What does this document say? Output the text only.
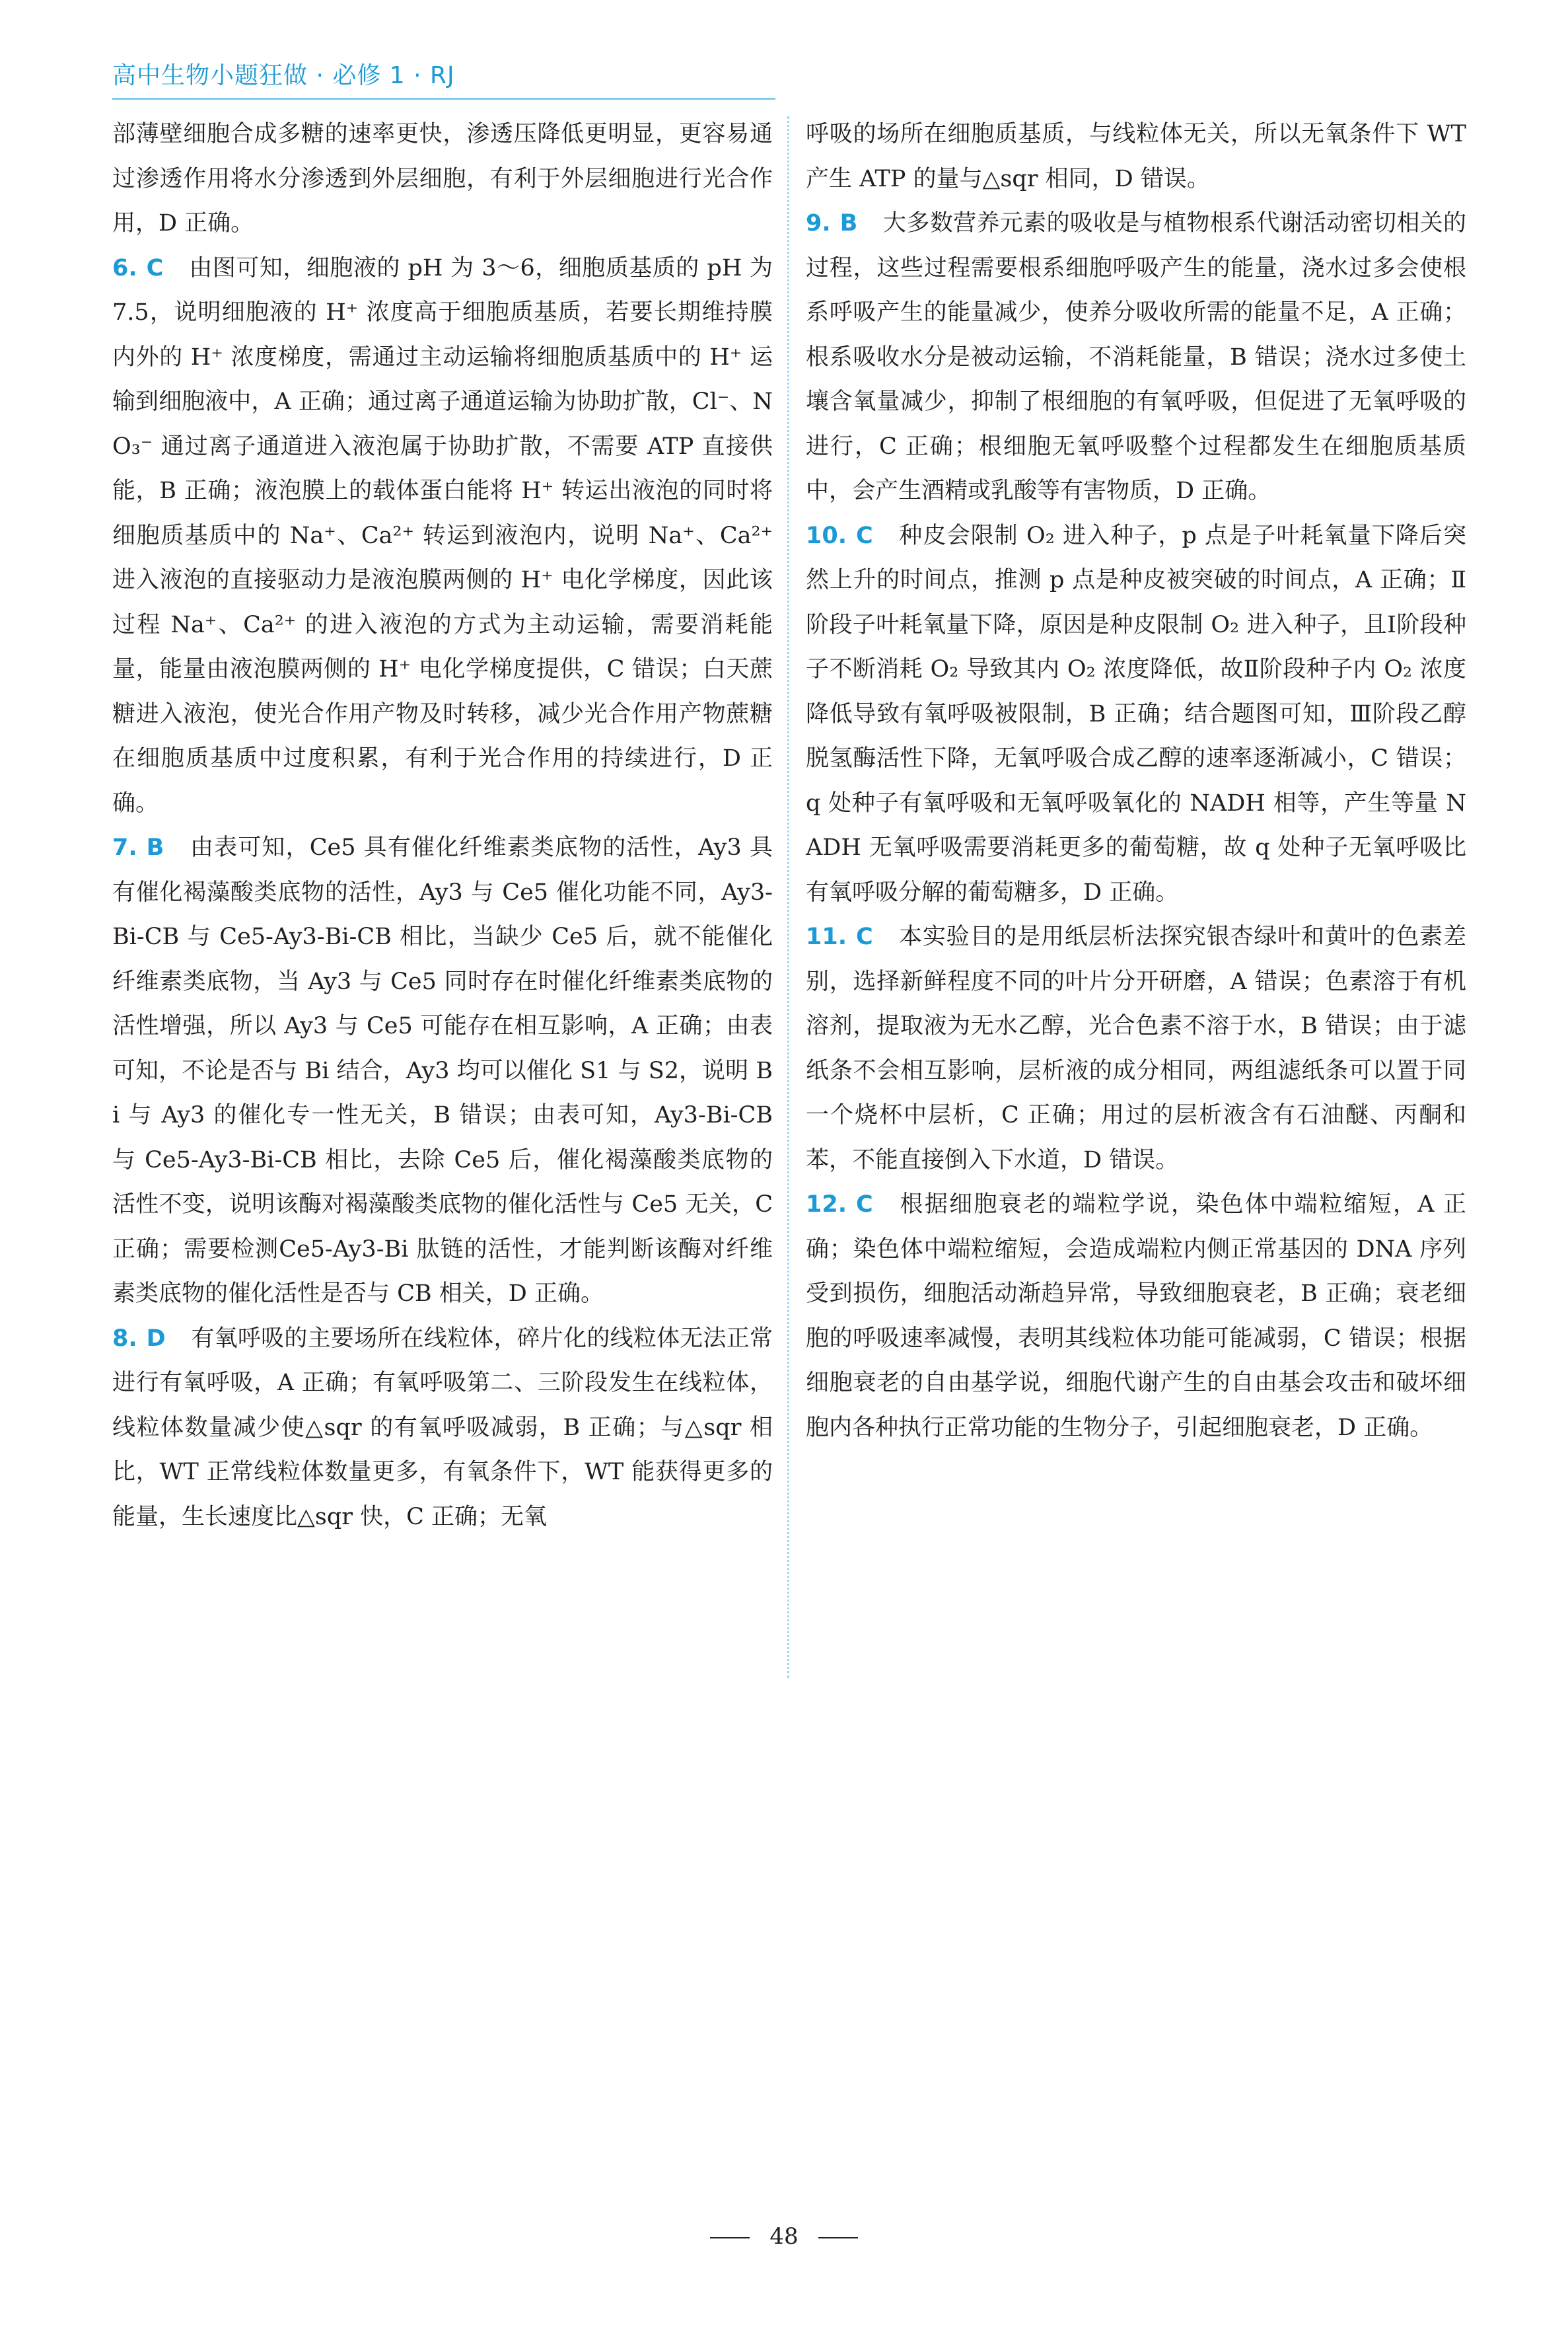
高中生物小题狂做 · 必修 1 · RJ

部薄壁细胞合成多糖的速率更快，渗透压降低更明显，更容易通过渗透作用将水分渗透到外层细胞，有利于外层细胞进行光合作用，D 正确。

6. C 由图可知，细胞液的 pH 为 3～6，细胞质基质的 pH 为 7.5，说明细胞液的 H⁺ 浓度高于细胞质基质，若要长期维持膜内外的 H⁺ 浓度梯度，需通过主动运输将细胞质基质中的 H⁺ 运输到细胞液中，A 正确；通过离子通道运输为协助扩散，Cl⁻、NO₃⁻ 通过离子通道进入液泡属于协助扩散，不需要 ATP 直接供能，B 正确；液泡膜上的载体蛋白能将 H⁺ 转运出液泡的同时将细胞质基质中的 Na⁺、Ca²⁺ 转运到液泡内，说明 Na⁺、Ca²⁺ 进入液泡的直接驱动力是液泡膜两侧的 H⁺ 电化学梯度，因此该过程 Na⁺、Ca²⁺ 的进入液泡的方式为主动运输，需要消耗能量，能量由液泡膜两侧的 H⁺ 电化学梯度提供，C 错误；白天蔗糖进入液泡，使光合作用产物及时转移，减少光合作用产物蔗糖在细胞质基质中过度积累，有利于光合作用的持续进行，D 正确。

7. B 由表可知，Ce5 具有催化纤维素类底物的活性，Ay3 具有催化褐藻酸类底物的活性，Ay3 与 Ce5 催化功能不同，Ay3-Bi-CB 与 Ce5-Ay3-Bi-CB 相比，当缺少 Ce5 后，就不能催化纤维素类底物，当 Ay3 与 Ce5 同时存在时催化纤维素类底物的活性增强，所以 Ay3 与 Ce5 可能存在相互影响，A 正确；由表可知，不论是否与 Bi 结合，Ay3 均可以催化 S1 与 S2，说明 Bi 与 Ay3 的催化专一性无关，B 错误；由表可知，Ay3-Bi-CB 与 Ce5-Ay3-Bi-CB 相比，去除 Ce5 后，催化褐藻酸类底物的活性不变，说明该酶对褐藻酸类底物的催化活性与 Ce5 无关，C 正确；需要检测Ce5-Ay3-Bi 肽链的活性，才能判断该酶对纤维素类底物的催化活性是否与 CB 相关，D 正确。

8. D 有氧呼吸的主要场所在线粒体，碎片化的线粒体无法正常进行有氧呼吸，A 正确；有氧呼吸第二、三阶段发生在线粒体，线粒体数量减少使△sqr 的有氧呼吸减弱，B 正确；与△sqr 相比，WT 正常线粒体数量更多，有氧条件下，WT 能获得更多的能量，生长速度比△sqr 快，C 正确；无氧

呼吸的场所在细胞质基质，与线粒体无关，所以无氧条件下 WT 产生 ATP 的量与△sqr 相同，D 错误。

9. B 大多数营养元素的吸收是与植物根系代谢活动密切相关的过程，这些过程需要根系细胞呼吸产生的能量，浇水过多会使根系呼吸产生的能量减少，使养分吸收所需的能量不足，A 正确；根系吸收水分是被动运输，不消耗能量，B 错误；浇水过多使土壤含氧量减少，抑制了根细胞的有氧呼吸，但促进了无氧呼吸的进行，C 正确；根细胞无氧呼吸整个过程都发生在细胞质基质中，会产生酒精或乳酸等有害物质，D 正确。

10. C 种皮会限制 O₂ 进入种子，p 点是子叶耗氧量下降后突然上升的时间点，推测 p 点是种皮被突破的时间点，A 正确；Ⅱ阶段子叶耗氧量下降，原因是种皮限制 O₂ 进入种子，且Ⅰ阶段种子不断消耗 O₂ 导致其内 O₂ 浓度降低，故Ⅱ阶段种子内 O₂ 浓度降低导致有氧呼吸被限制，B 正确；结合题图可知，Ⅲ阶段乙醇脱氢酶活性下降，无氧呼吸合成乙醇的速率逐渐减小，C 错误；q 处种子有氧呼吸和无氧呼吸氧化的 NADH 相等，产生等量 NADH 无氧呼吸需要消耗更多的葡萄糖，故 q 处种子无氧呼吸比有氧呼吸分解的葡萄糖多，D 正确。

11. C 本实验目的是用纸层析法探究银杏绿叶和黄叶的色素差别，选择新鲜程度不同的叶片分开研磨，A 错误；色素溶于有机溶剂，提取液为无水乙醇，光合色素不溶于水，B 错误；由于滤纸条不会相互影响，层析液的成分相同，两组滤纸条可以置于同一个烧杯中层析，C 正确；用过的层析液含有石油醚、丙酮和苯，不能直接倒入下水道，D 错误。

12. C 根据细胞衰老的端粒学说，染色体中端粒缩短，A 正确；染色体中端粒缩短，会造成端粒内侧正常基因的 DNA 序列受到损伤，细胞活动渐趋异常，导致细胞衰老，B 正确；衰老细胞的呼吸速率减慢，表明其线粒体功能可能减弱，C 错误；根据细胞衰老的自由基学说，细胞代谢产生的自由基会攻击和破坏细胞内各种执行正常功能的生物分子，引起细胞衰老，D 正确。

48
